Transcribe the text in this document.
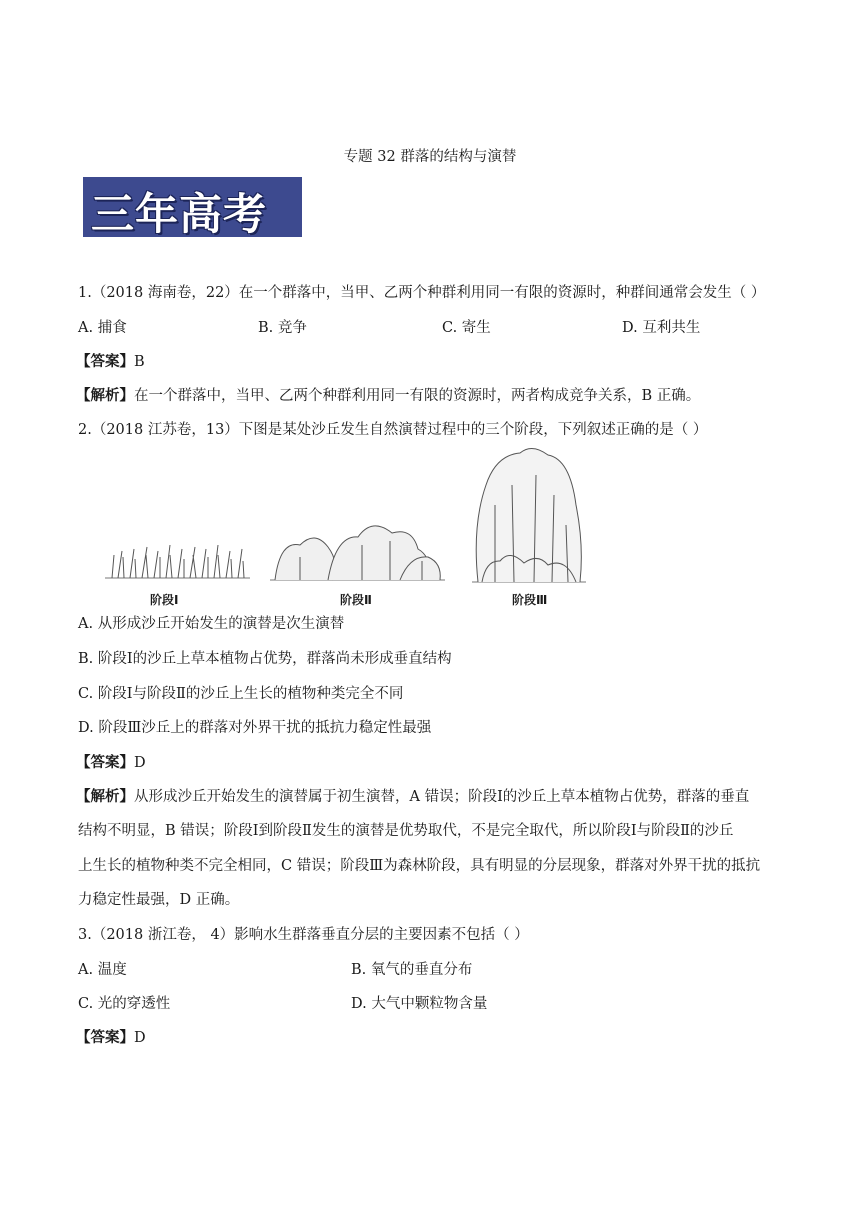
专题 32 群落的结构与演替
三年高考
1.（2018 海南卷，22）在一个群落中，当甲、乙两个种群利用同一有限的资源时，种群间通常会发生（ ）
A. 捕食	B. 竞争	C. 寄生	D. 互利共生
【答案】B
【解析】在一个群落中，当甲、乙两个种群利用同一有限的资源时，两者构成竞争关系，B 正确。
2.（2018 江苏卷，13）下图是某处沙丘发生自然演替过程中的三个阶段，下列叙述正确的是（ ）
阶段Ⅰ	阶段Ⅱ	阶段Ⅲ
A. 从形成沙丘开始发生的演替是次生演替
B. 阶段Ⅰ的沙丘上草本植物占优势，群落尚未形成垂直结构
C. 阶段Ⅰ与阶段Ⅱ的沙丘上生长的植物种类完全不同
D. 阶段Ⅲ沙丘上的群落对外界干扰的抵抗力稳定性最强
【答案】D
【解析】从形成沙丘开始发生的演替属于初生演替，A 错误；阶段Ⅰ的沙丘上草本植物占优势，群落的垂直
结构不明显，B 错误；阶段Ⅰ到阶段Ⅱ发生的演替是优势取代，不是完全取代，所以阶段Ⅰ与阶段Ⅱ的沙丘
上生长的植物种类不完全相同，C 错误；阶段Ⅲ为森林阶段，具有明显的分层现象，群落对外界干扰的抵抗
力稳定性最强，D 正确。
3.（2018 浙江卷， 4）影响水生群落垂直分层的主要因素不包括（ ）
A. 温度	B. 氧气的垂直分布
C. 光的穿透性	D. 大气中颗粒物含量
【答案】D
